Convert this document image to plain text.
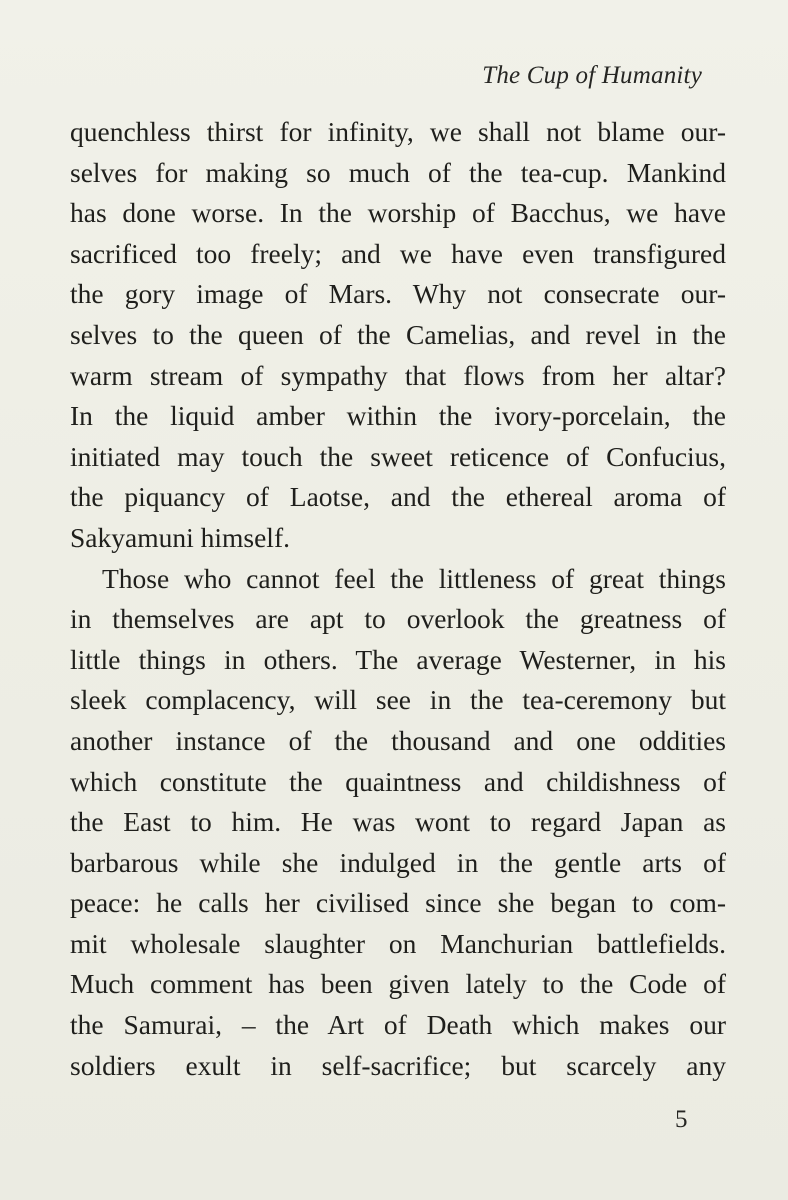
The Cup of Humanity
quenchless thirst for infinity, we shall not blame our-
selves for making so much of the tea-cup. Mankind
has done worse. In the worship of Bacchus, we have
sacrificed too freely; and we have even transfigured
the gory image of Mars. Why not consecrate our-
selves to the queen of the Camelias, and revel in the
warm stream of sympathy that flows from her altar?
In the liquid amber within the ivory-porcelain, the
initiated may touch the sweet reticence of Confucius,
the piquancy of Laotse, and the ethereal aroma of
Sakyamuni himself.
Those who cannot feel the littleness of great things
in themselves are apt to overlook the greatness of
little things in others. The average Westerner, in his
sleek complacency, will see in the tea-ceremony but
another instance of the thousand and one oddities
which constitute the quaintness and childishness of
the East to him. He was wont to regard Japan as
barbarous while she indulged in the gentle arts of
peace: he calls her civilised since she began to com-
mit wholesale slaughter on Manchurian battlefields.
Much comment has been given lately to the Code of
the Samurai, – the Art of Death which makes our
soldiers exult in self-sacrifice; but scarcely any
5
